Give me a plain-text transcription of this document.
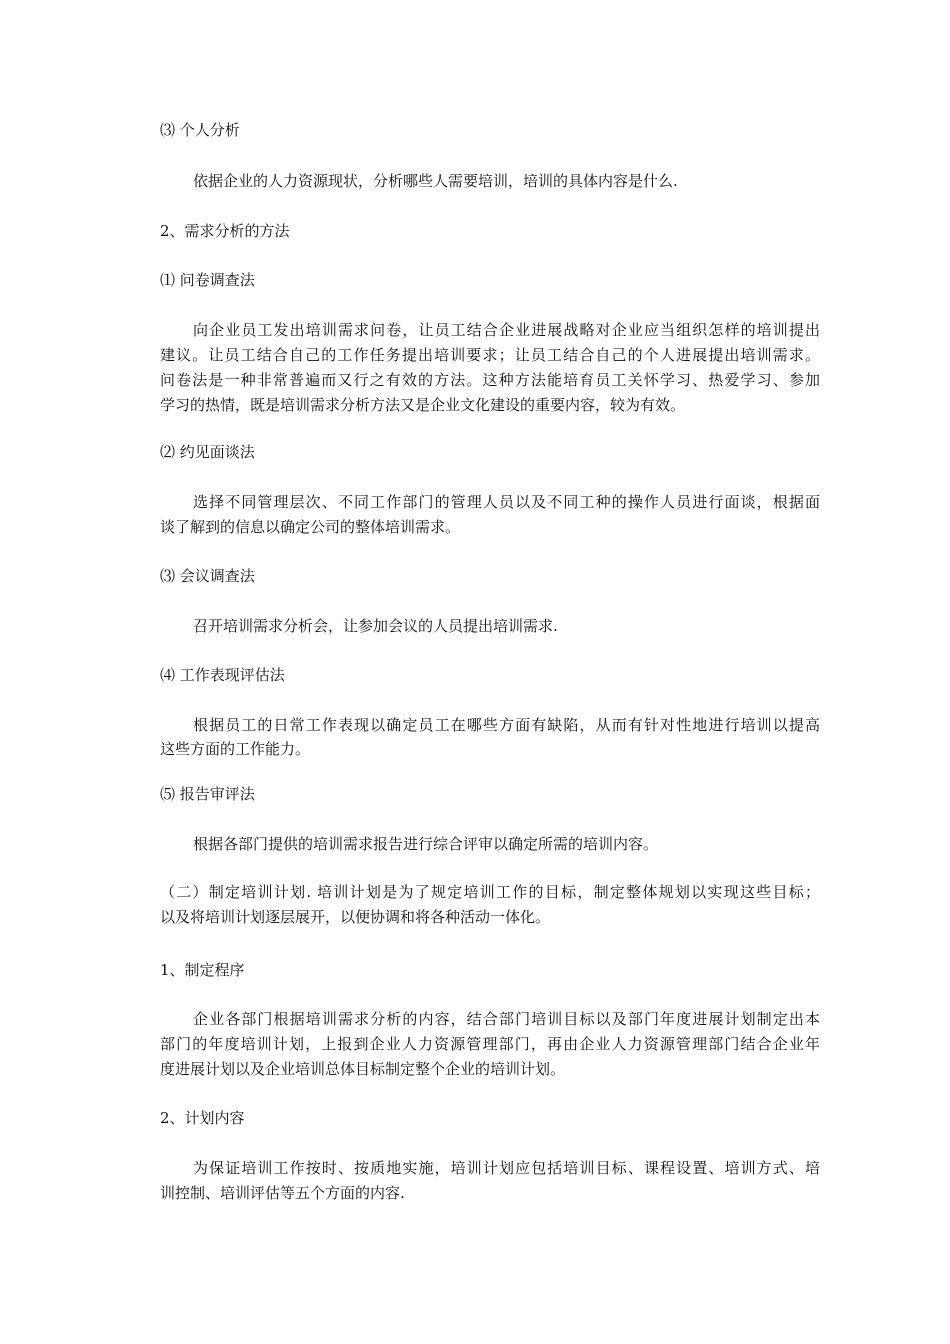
⑶ 个人分析
依据企业的人力资源现状，分析哪些人需要培训，培训的具体内容是什么.
2、需求分析的方法
⑴ 问卷调查法
向企业员工发出培训需求问卷，让员工结合企业进展战略对企业应当组织怎样的培训提出
建议。让员工结合自己的工作任务提出培训要求；让员工结合自己的个人进展提出培训需求。
问卷法是一种非常普遍而又行之有效的方法。这种方法能培育员工关怀学习、热爱学习、参加
学习的热情，既是培训需求分析方法又是企业文化建设的重要内容，较为有效。
⑵ 约见面谈法
选择不同管理层次、不同工作部门的管理人员以及不同工种的操作人员进行面谈，根据面
谈了解到的信息以确定公司的整体培训需求。
⑶ 会议调查法
召开培训需求分析会，让参加会议的人员提出培训需求.
⑷ 工作表现评估法
根据员工的日常工作表现以确定员工在哪些方面有缺陷，从而有针对性地进行培训以提高
这些方面的工作能力。
⑸ 报告审评法
根据各部门提供的培训需求报告进行综合评审以确定所需的培训内容。
（二）制定培训计划. 培训计划是为了规定培训工作的目标，制定整体规划以实现这些目标；
以及将培训计划逐层展开，以便协调和将各种活动一体化。
1、制定程序
企业各部门根据培训需求分析的内容，结合部门培训目标以及部门年度进展计划制定出本
部门的年度培训计划，上报到企业人力资源管理部门，再由企业人力资源管理部门结合企业年
度进展计划以及企业培训总体目标制定整个企业的培训计划。
2、计划内容
为保证培训工作按时、按质地实施，培训计划应包括培训目标、课程设置、培训方式、培
训控制、培训评估等五个方面的内容.
